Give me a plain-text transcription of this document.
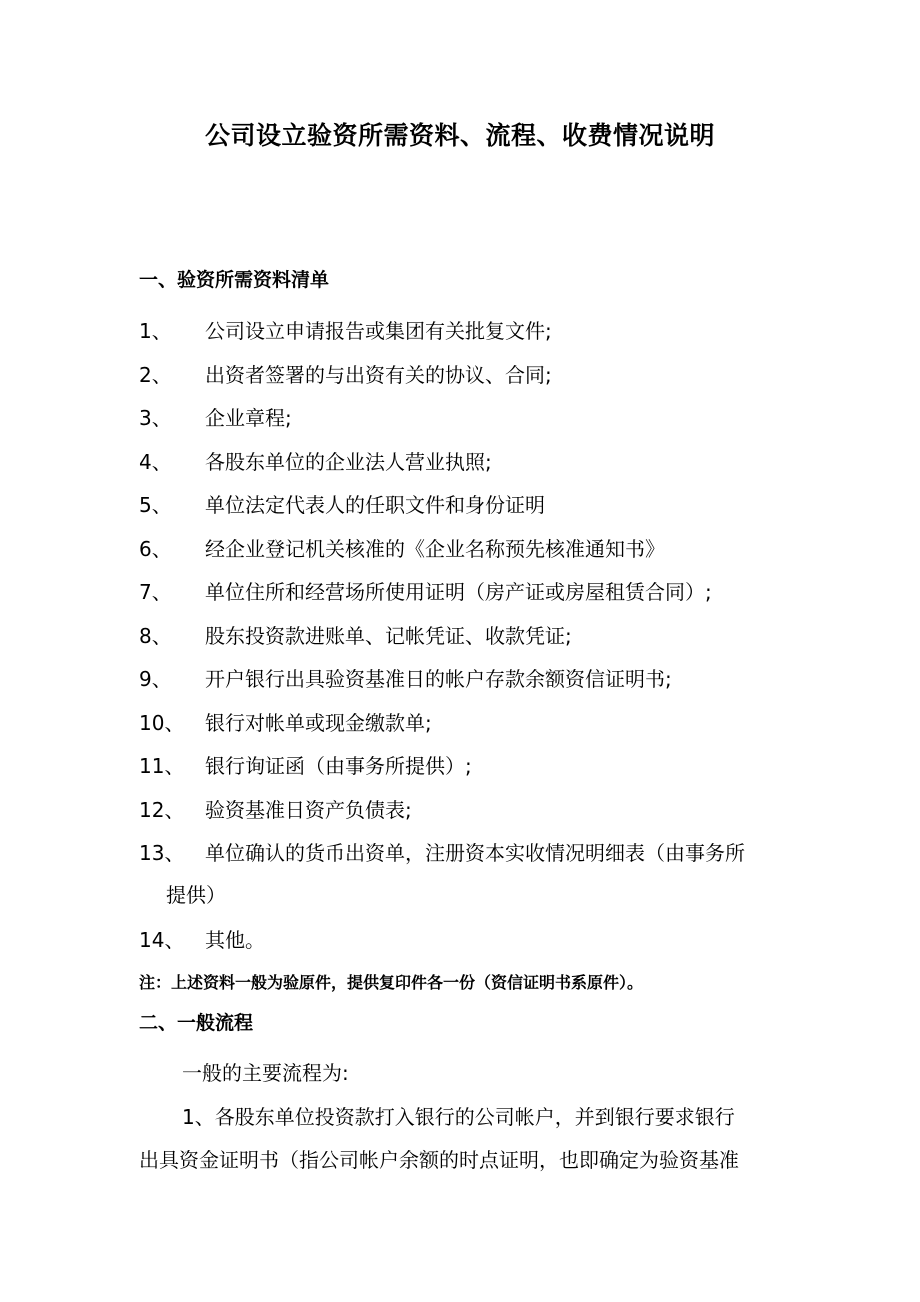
公司设立验资所需资料、流程、收费情况说明
一、验资所需资料清单
1、 公司设立申请报告或集团有关批复文件;
2、 出资者签署的与出资有关的协议、合同;
3、 企业章程;
4、 各股东单位的企业法人营业执照;
5、 单位法定代表人的任职文件和身份证明
6、 经企业登记机关核准的《企业名称预先核准通知书》
7、 单位住所和经营场所使用证明（房产证或房屋租赁合同）;
8、 股东投资款进账单、记帐凭证、收款凭证;
9、 开户银行出具验资基准日的帐户存款余额资信证明书;
10、 银行对帐单或现金缴款单;
11、 银行询证函（由事务所提供）;
12、 验资基准日资产负债表;
13、 单位确认的货币出资单，注册资本实收情况明细表（由事务所
提供）
14、 其他。
注：上述资料一般为验原件，提供复印件各一份（资信证明书系原件）。
二、一般流程
一般的主要流程为:
1、各股东单位投资款打入银行的公司帐户，并到银行要求银行
出具资金证明书（指公司帐户余额的时点证明，也即确定为验资基准
